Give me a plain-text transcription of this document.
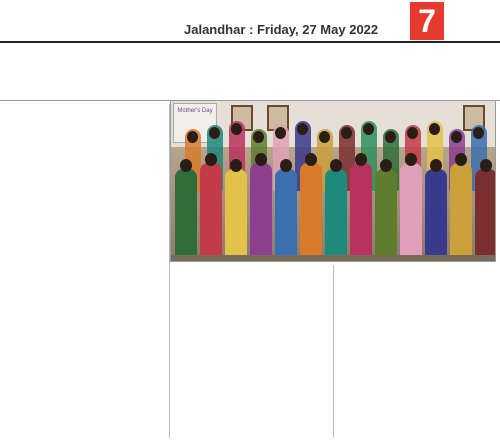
Jalandhar : Friday, 27 May 2022	7
Mother's Day
